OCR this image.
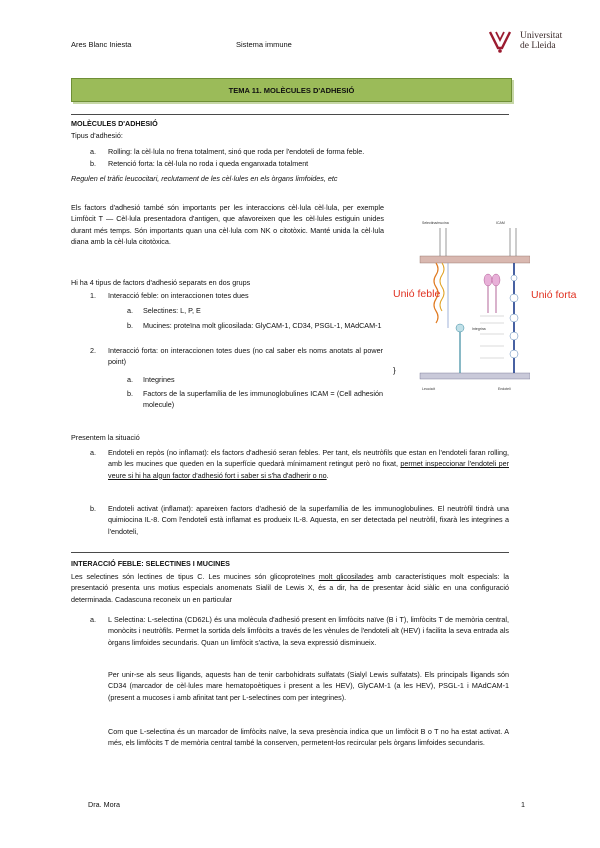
Ares Blanc Iniesta	Sistema immune
Universitat
de Lleida
TEMA 11. MOLÈCULES D'ADHESIÓ
MOLÈCULES D'ADHESIÓ
Tipus d'adhesió:
a. Rolling: la cèl·lula no frena totalment, sinó que roda per l'endoteli de forma feble.
b. Retenció forta: la cèl·lula no roda i queda enganxada totalment
Regulen el tràfic leucocitari, reclutament de les cèl·lules en els òrgans limfoides, etc
Els factors d'adhesió també són importants per les interaccions cèl·lula cèl·lula, per exemple Limfòcit T — Cèl·lula presentadora d'antigen, que afavoreixen que les cèl·lules estiguin unides durant més temps. Són importants quan una cèl·lula com NK o citotòxic. Manté unida la cèl·lula diana amb la cèl·lula citotòxica.
Hi ha 4 tipus de factors d'adhesió separats en dos grups
1. Interacció feble: on interaccionen totes dues
a. Selectines: L, P, E
b. Mucines: proteïna molt glicosilada: GlyCAM-1, CD34, PSGL-1, MAdCAM-1
2. Interacció forta: on interaccionen totes dues (no cal saber els noms anotats al power point)
}
a. Integrines
b. Factors de la superfamília de les immunoglobulines ICAM = (Cell adhesión molecule)
Selectina/mucina	ICAM
Integrina
Leucòcit	Endoteli
Unió feble	Unió forta
Presentem la situació
a. Endoteli en repòs (no inflamat): els factors d'adhesió seran febles. Per tant, els neutròfils que estan en l'endoteli faran rolling, amb les mucines que queden en la superfície quedarà mínimament retingut però no fixat, permet inspeccionar l'endoteli per veure si hi ha algun factor d'adhesió fort i saber si s'ha d'adherir o no.
b. Endoteli activat (inflamat): apareixen factors d'adhesió de la superfamília de les immunoglobulines. El neutròfil tindrà una quimiocina IL-8. Com l'endoteli està inflamat es produeix IL-8. Aquesta, en ser detectada pel neutròfil, fixarà les integrines a l'endoteli,
INTERACCIÓ FEBLE: SELECTINES I MUCINES
Les selectines són lectines de tipus C. Les mucines són glicoproteïnes molt glicosilades amb característiques molt especials: la presentació presenta uns motius especials anomenats Sialil de Lewis X, és a dir, ha de presentar àcid siàlic en una configuració determinada. Cadascuna reconeix un en particular
a. L Selectina: L-selectina (CD62L) és una molècula d'adhesió present en limfòcits naïve (B i T), limfòcits T de memòria central, monòcits i neutròfils. Permet la sortida dels limfòcits a través de les vènules de l'endoteli alt (HEV) i facilita la seva entrada als òrgans limfoides secundaris. Quan un limfòcit s'activa, la seva expressió disminueix.
Per unir-se als seus lligands, aquests han de tenir carbohidrats sulfatats (Sialyl Lewis sulfatats). Els principals lligands són CD34 (marcador de cèl·lules mare hematopoètiques i present a les HEV), GlyCAM-1 (a les HEV), PSGL-1 i MAdCAM-1 (present a mucoses i amb afinitat tant per L-selectines com per integrines).
Com que L-selectina és un marcador de limfòcits naïve, la seva presència indica que un limfòcit B o T no ha estat activat. A més, els limfòcits T de memòria central també la conserven, permetent-los recircular pels òrgans limfoides secundaris.
Dra. Mora	1
